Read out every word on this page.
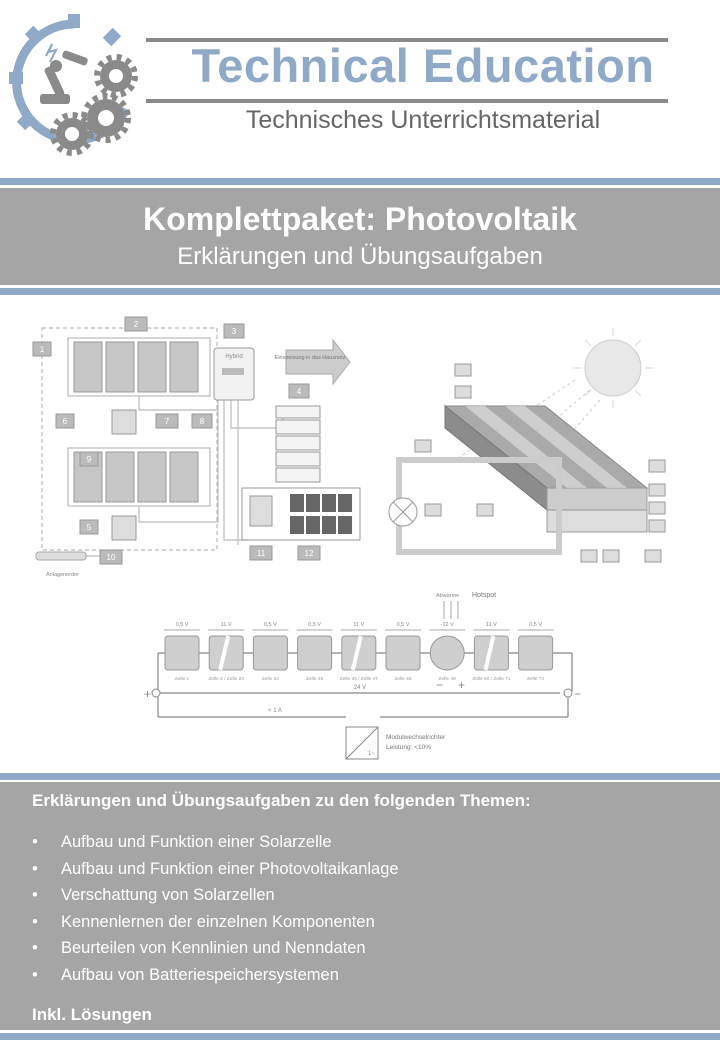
Technical Education
Technisches Unterrichtsmaterial
Komplettpaket: Photovoltaik
Erklärungen und Übungsaufgaben
Hybrid	Einspeisung in das Hausnetz
Anlagenerder
1
2
3
4
5
6	7	8
9
10	11	12
+	−
24 V
< 1 A
1~
Modulwechselrichter
Leistung: <10%
Abwärme Hotspot
− +
0,5 V
Zelle 1
11 V
Zelle 2 / Zelle 23
0,5 V
Zelle 24
0,5 V
Zelle 25
11 V
Zelle 26 / Zelle 47
0,5 V
Zelle 48
-12 V
Zelle 49
11 V
Zelle 50 / Zelle 71
0,5 V
Zelle 72
Erklärungen und Übungsaufgaben zu den folgenden Themen:
• Aufbau und Funktion einer Solarzelle
• Aufbau und Funktion einer Photovoltaikanlage
• Verschattung von Solarzellen
• Kennenlernen der einzelnen Komponenten
• Beurteilen von Kennlinien und Nenndaten
• Aufbau von Batteriespeichersystemen
Inkl. Lösungen
